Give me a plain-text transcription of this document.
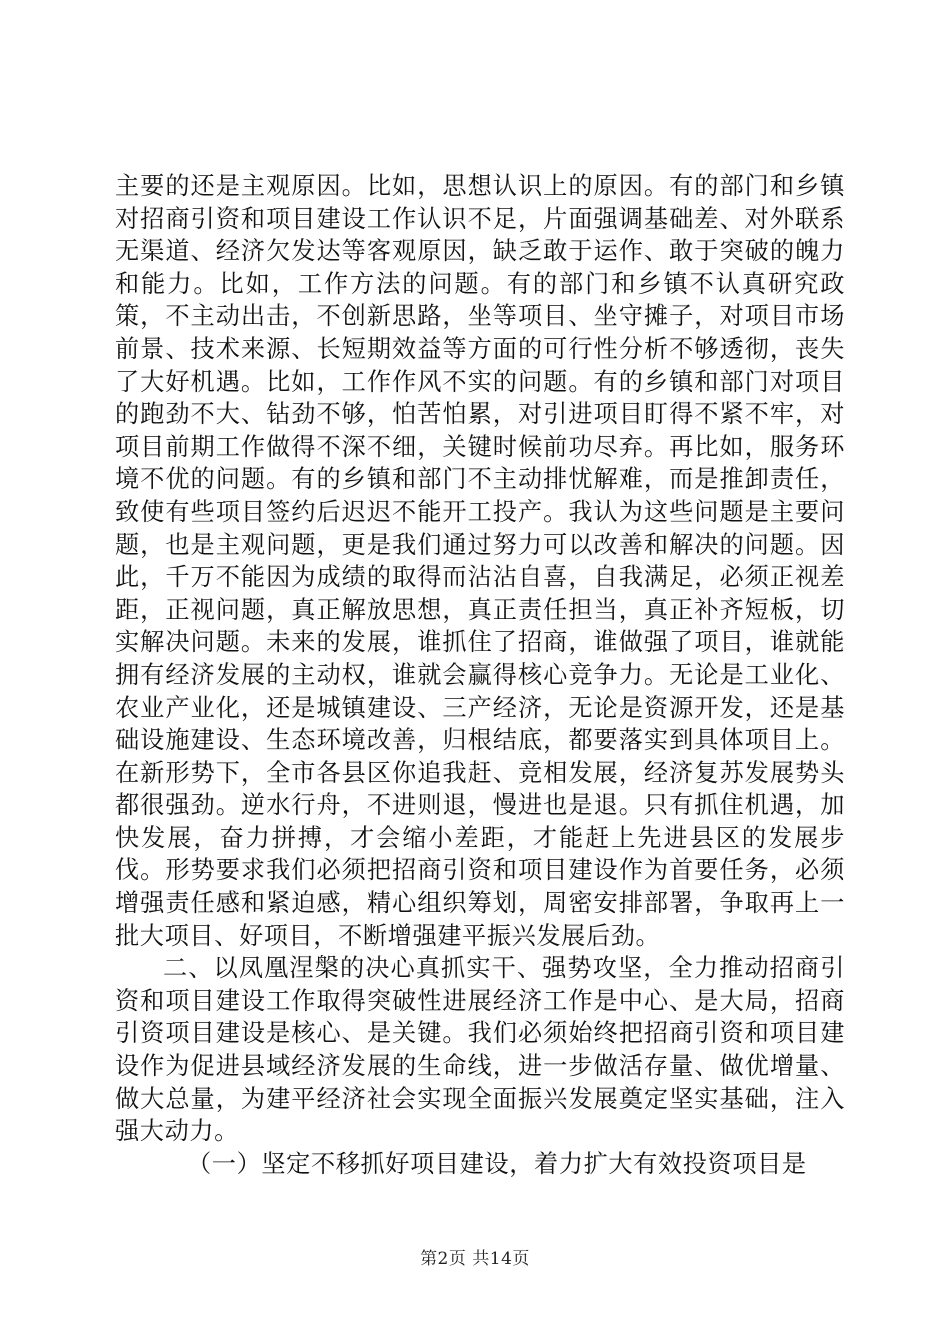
主要的还是主观原因。比如，思想认识上的原因。有的部门和乡镇对招商引资和项目建设工作认识不足，片面强调基础差、对外联系无渠道、经济欠发达等客观原因，缺乏敢于运作、敢于突破的魄力和能力。比如，工作方法的问题。有的部门和乡镇不认真研究政策，不主动出击，不创新思路，坐等项目、坐守摊子，对项目市场前景、技术来源、长短期效益等方面的可行性分析不够透彻，丧失了大好机遇。比如，工作作风不实的问题。有的乡镇和部门对项目的跑劲不大、钻劲不够，怕苦怕累，对引进项目盯得不紧不牢，对项目前期工作做得不深不细，关键时候前功尽弃。再比如，服务环境不优的问题。有的乡镇和部门不主动排忧解难，而是推卸责任，致使有些项目签约后迟迟不能开工投产。我认为这些问题是主要问题，也是主观问题，更是我们通过努力可以改善和解决的问题。因此，千万不能因为成绩的取得而沾沾自喜，自我满足，必须正视差距，正视问题，真正解放思想，真正责任担当，真正补齐短板，切实解决问题。未来的发展，谁抓住了招商，谁做强了项目，谁就能拥有经济发展的主动权，谁就会赢得核心竞争力。无论是工业化、农业产业化，还是城镇建设、三产经济，无论是资源开发，还是基础设施建设、生态环境改善，归根结底，都要落实到具体项目上。在新形势下，全市各县区你追我赶、竞相发展，经济复苏发展势头都很强劲。逆水行舟，不进则退，慢进也是退。只有抓住机遇，加快发展，奋力拼搏，才会缩小差距，才能赶上先进县区的发展步伐。形势要求我们必须把招商引资和项目建设作为首要任务，必须增强责任感和紧迫感，精心组织筹划，周密安排部署，争取再上一批大项目、好项目，不断增强建平振兴发展后劲。

二、以凤凰涅槃的决心真抓实干、强势攻坚，全力推动招商引资和项目建设工作取得突破性进展经济工作是中心、是大局，招商引资项目建设是核心、是关键。我们必须始终把招商引资和项目建设作为促进县域经济发展的生命线，进一步做活存量、做优增量、做大总量，为建平经济社会实现全面振兴发展奠定坚实基础，注入强大动力。

（一）坚定不移抓好项目建设，着力扩大有效投资项目是

第2页 共14页
